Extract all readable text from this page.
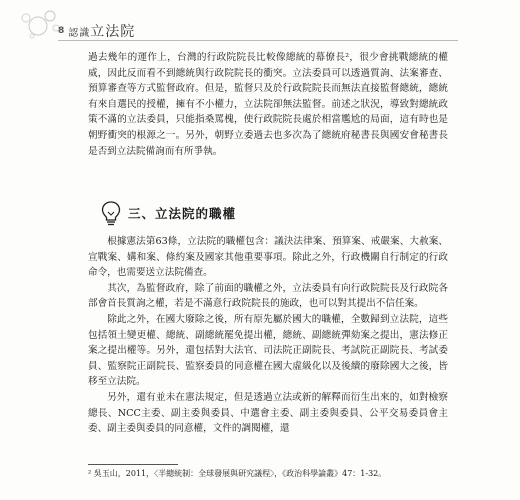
8 認識立法院

過去幾年的運作上，台灣的行政院院長比較像總統的幕僚長²，很少會挑戰總統的權威，因此反而看不到總統與行政院院長的衝突。立法委員可以透過質詢、法案審查、預算審查等方式監督政府。但是，監督只及於行政院院長而無法直接監督總統，總統有來自選民的授權，擁有不小權力，立法院卻無法監督。前述之狀況，導致對總統政策不滿的立法委員，只能指桑罵槐，使行政院院長處於相當尷尬的局面，這有時也是朝野衝突的根源之一。另外，朝野立委過去也多次為了總統府秘書長與國安會秘書長是否到立法院備詢而有所爭執。

三、立法院的職權

根據憲法第63條，立法院的職權包含：議決法律案、預算案、戒嚴案、大赦案、宣戰案、媾和案、條約案及國家其他重要事項。除此之外，行政機關自行制定的行政命令，也需要送立法院備查。

其次，為監督政府，除了前面的職權之外，立法委員有向行政院院長及行政院各部會首長質詢之權，若是不滿意行政院院長的施政，也可以對其提出不信任案。

除此之外，在國大廢除之後，所有原先屬於國大的職權，全數歸到立法院，這些包括領土變更權、總統、副總統罷免提出權，總統、副總統彈劾案之提出，憲法修正案之提出權等。另外，還包括對大法官、司法院正副院長、考試院正副院長、考試委員、監察院正副院長、監察委員的同意權在國大虛級化以及後續的廢除國大之後，皆移至立法院。

另外，還有並未在憲法規定，但是透過立法或新的解釋而衍生出來的，如對檢察總長、NCC主委、副主委與委員、中選會主委、副主委與委員、公平交易委員會主委、副主委與委員的同意權，文件的調閱權，還

² 吳玉山，2011，〈半總統制：全球發展與研究議程〉，《政治科學論叢》47：1-32。
